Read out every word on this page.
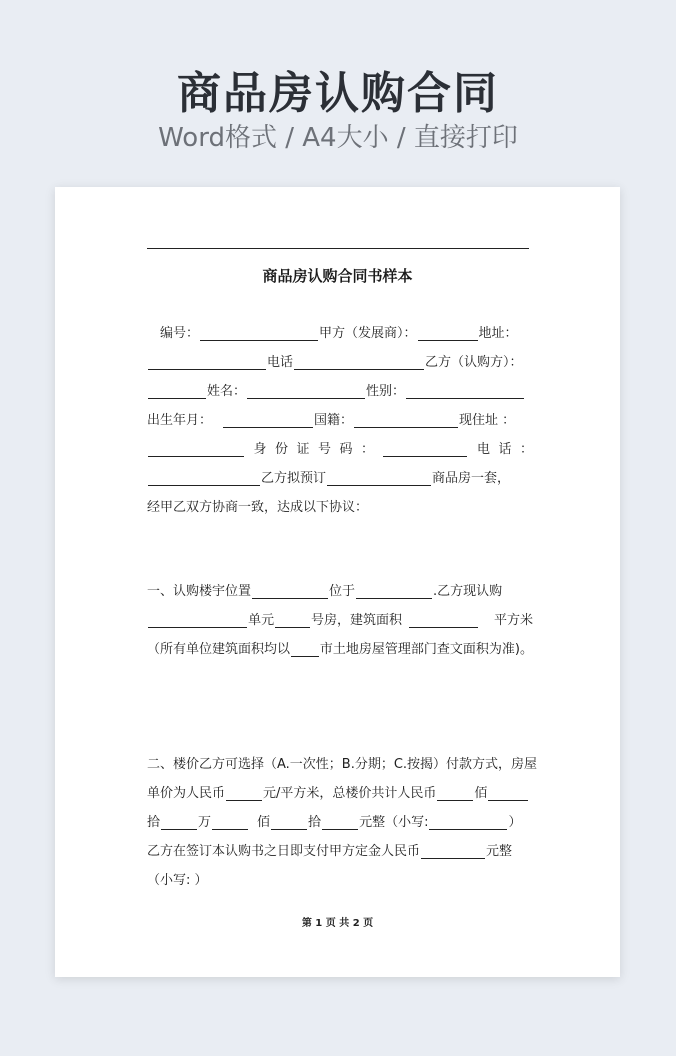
商品房认购合同
Word格式 / A4大小 / 直接打印
商品房认购合同书样本
编号：	甲方（发展商）：	地址：
电话	乙方（认购方）：
姓名：	性别：
出生年月：	国籍：	现住址 ：
身 份 证 号 码 ：	电 话 ：
乙方拟预订	商品房一套，
经甲乙双方协商一致，达成以下协议：
一、认购楼宇位置	位于	.乙方现认购
单元	号房，建筑面积	平方米
（所有单位建筑面积均以 市土地房屋管理部门查文面积为准)。
二、楼价乙方可选择（A.一次性；B.分期；C.按揭）付款方式，房屋
单价为人民币	元/平方米，总楼价共计人民币	佰
拾	万	佰	拾	元整（小写:	）
乙方在签订本认购书之日即支付甲方定金人民币	元整
（小写: ）
第 1 页 共 2 页
